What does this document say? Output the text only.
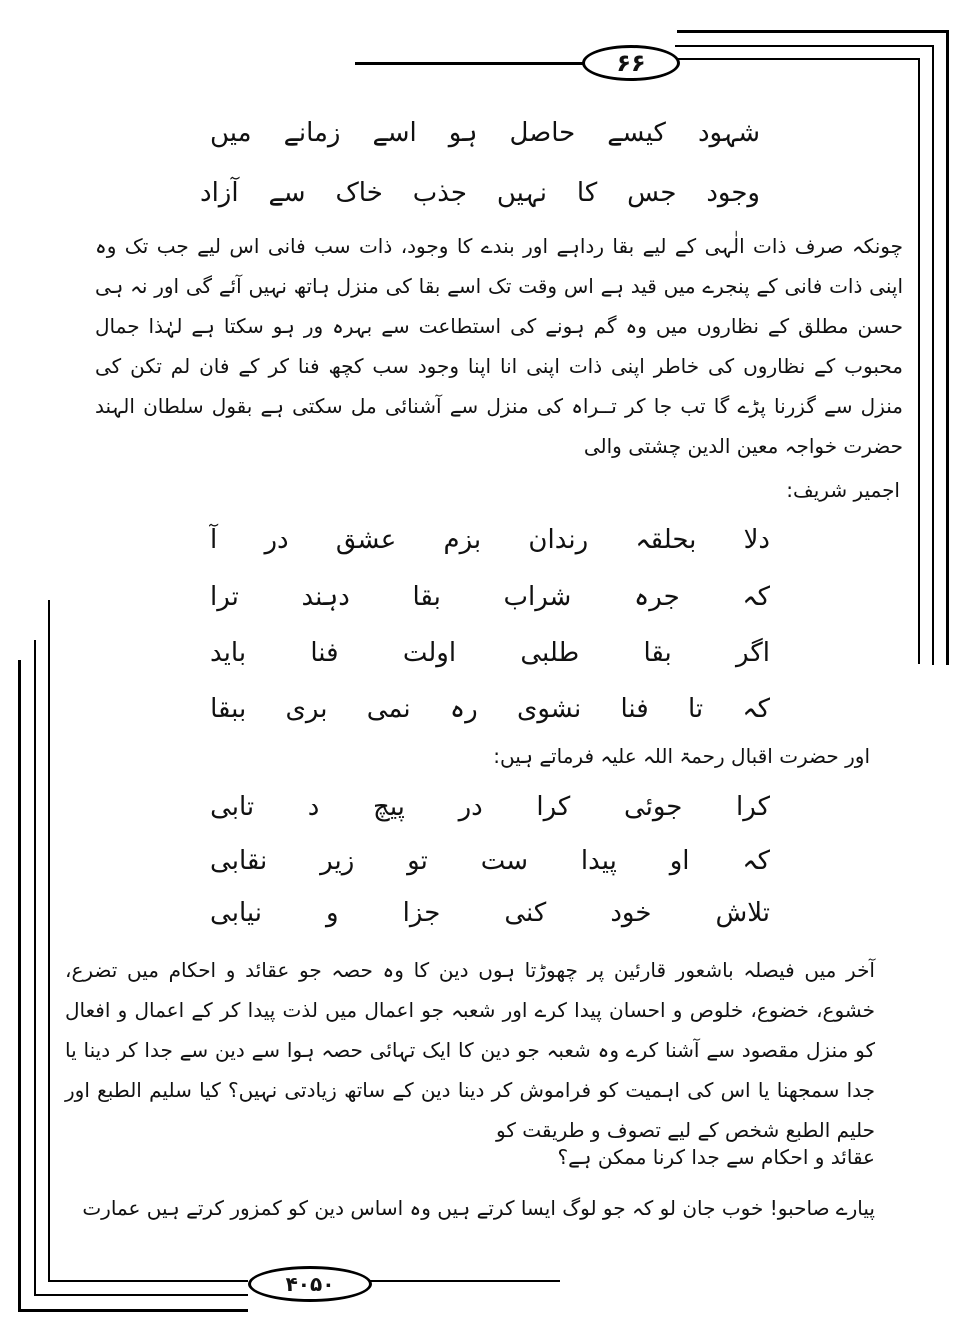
۶۶
شہود کیسے حاصل ہو اسے زمانے میں
وجود جس کا نہیں جذب خاک سے آزاد
چونکہ صرف ذات الٰہی کے لیے بقا رداہے اور بندے کا وجود، ذات سب فانی اس لیے جب تک وہ اپنی ذات فانی کے پنجرے میں قید ہے اس وقت تک اسے بقا کی منزل ہاتھ نہیں آئے گی اور نہ ہی حسن مطلق کے نظاروں میں وہ گم ہونے کی استطاعت سے بہرہ ور ہو سکتا ہے لہٰذا جمال محبوب کے نظاروں کی خاطر اپنی ذات اپنی انا اپنا وجود سب کچھ فنا کر کے فان لم تکن کی منزل سے گزرنا پڑے گا تب جا کر تــراہ کی منزل سے آشنائی مل سکتی ہے بقول سلطان الہند حضرت خواجہ معین الدین چشتی والی
اجمیر شریف:
دلا
بحلقہ
رندان
بزم
عشق
در
آ
کہ
جرہ
شراب
بقا
دہند
ترا
اگر
بقا
طلبی
اولت
فنا
باید
کہ
تا
فنا
نشوی
رہ
نمی
بری
ببقا
اور حضرت اقبال رحمۃ اللہ علیہ فرماتے ہیں:
کرا
جوئی
کرا
در
پیچ
د
تابی
کہ
او
پیدا
ست
تو
زیر
نقابی
تلاش
خود
کنی
جزا
و
نیابی
آخر میں فیصلہ باشعور قارئین پر چھوڑتا ہوں دین کا وہ حصہ جو عقائد و احکام میں تضرع، خشوع، خضوع، خلوص و احسان پیدا کرے اور شعبہ جو اعمال میں لذت پیدا کر کے اعمال و افعال کو منزل مقصود سے آشنا کرے وہ شعبہ جو دین کا ایک تہائی حصہ ہوا سے دین سے جدا کر دینا یا جدا سمجھنا یا اس کی اہمیت کو فراموش کر دینا دین کے ساتھ زیادتی نہیں؟ کیا سلیم الطبع اور حلیم الطبع شخص کے لیے تصوف و طریقت کو
عقائد و احکام سے جدا کرنا ممکن ہے؟
پیارے صاحبو! خوب جان لو کہ جو لوگ ایسا کرتے ہیں وہ اساس دین کو کمزور کرتے ہیں عمارت
۴۰۵۰
